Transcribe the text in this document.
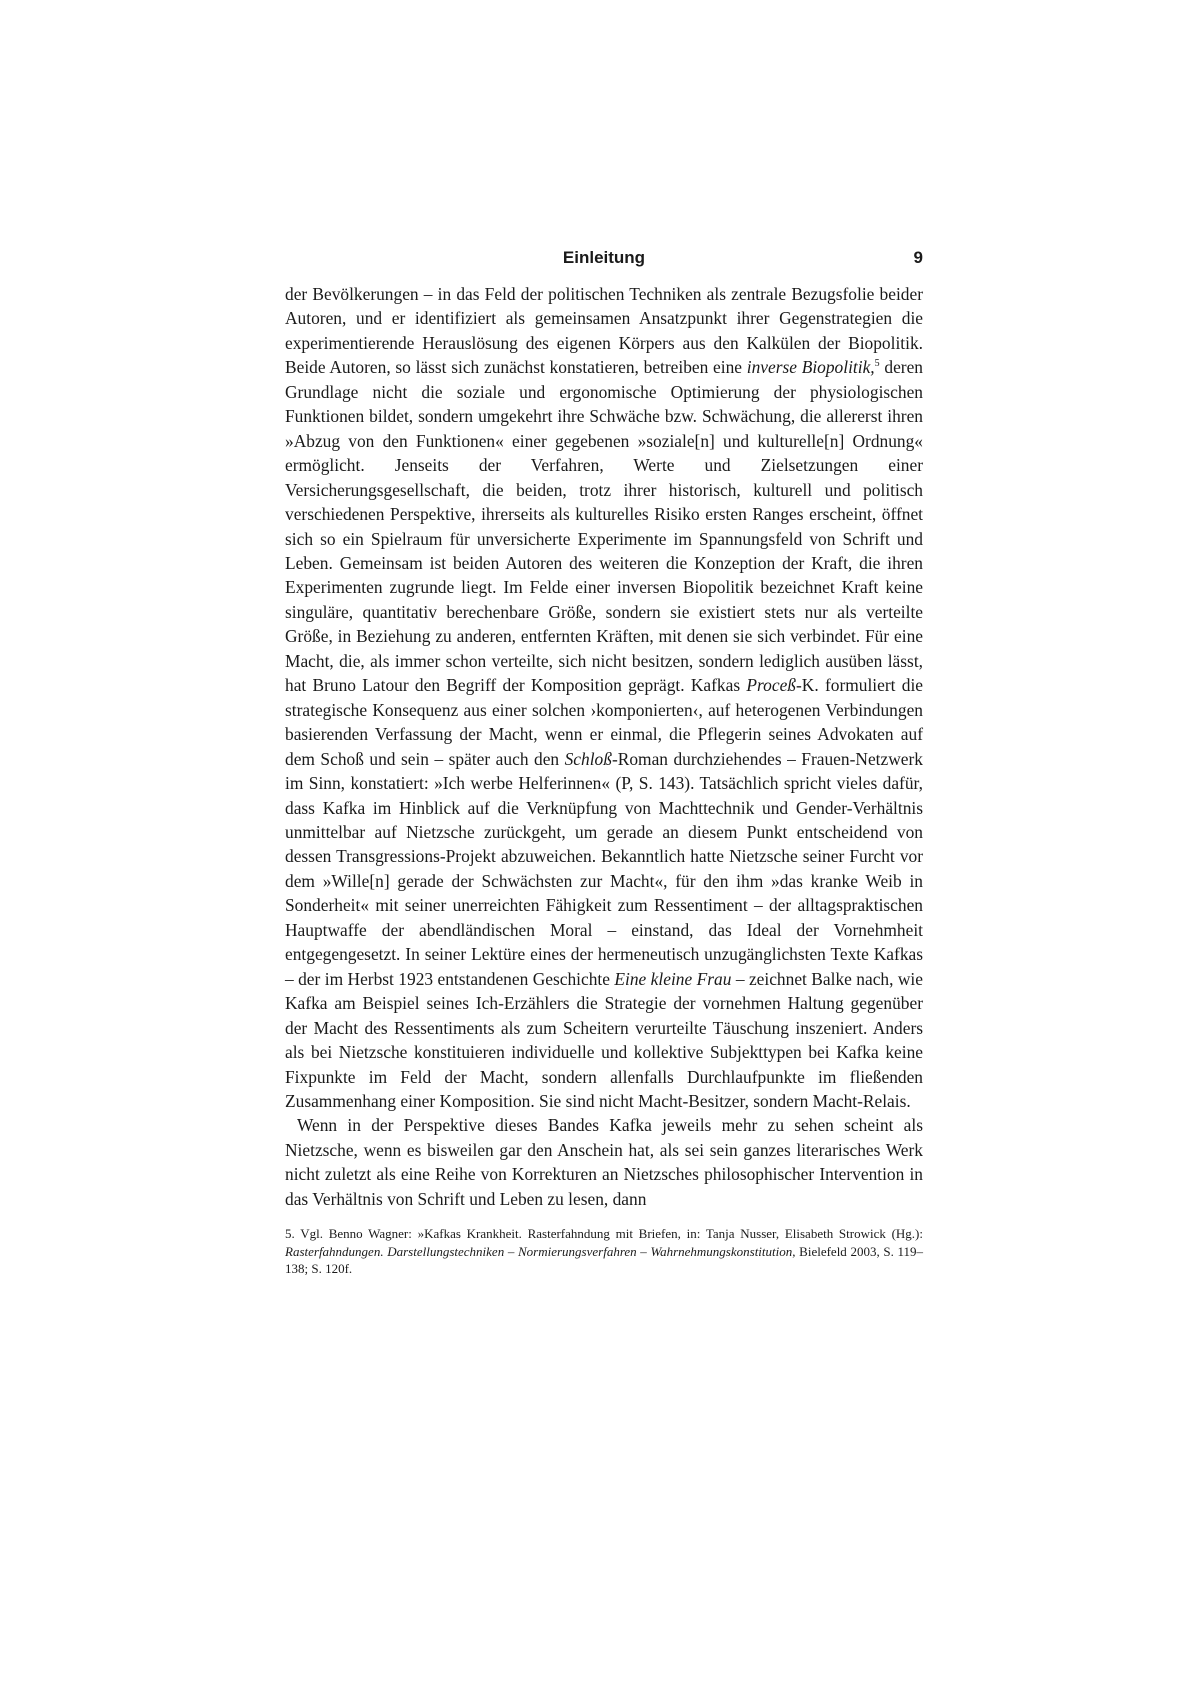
Einleitung	9

der Bevölkerungen – in das Feld der politischen Techniken als zentrale Bezugsfolie beider Autoren, und er identifiziert als gemeinsamen Ansatzpunkt ihrer Gegenstrategien die experimentierende Herauslösung des eigenen Körpers aus den Kalkülen der Biopolitik. Beide Autoren, so lässt sich zunächst konstatieren, betreiben eine inverse Biopolitik,$^5$ deren Grundlage nicht die soziale und ergonomische Optimierung der physiologischen Funktionen bildet, sondern umgekehrt ihre Schwäche bzw. Schwächung, die allererst ihren »Abzug von den Funktionen« einer gegebenen »soziale[n] und kulturelle[n] Ordnung« ermöglicht. Jenseits der Verfahren, Werte und Zielsetzungen einer Versicherungsgesellschaft, die beiden, trotz ihrer historisch, kulturell und politisch verschiedenen Perspektive, ihrerseits als kulturelles Risiko ersten Ranges erscheint, öffnet sich so ein Spielraum für unversicherte Experimente im Spannungsfeld von Schrift und Leben. Gemeinsam ist beiden Autoren des weiteren die Konzeption der Kraft, die ihren Experimenten zugrunde liegt. Im Felde einer inversen Biopolitik bezeichnet Kraft keine singuläre, quantitativ berechenbare Größe, sondern sie existiert stets nur als verteilte Größe, in Beziehung zu anderen, entfernten Kräften, mit denen sie sich verbindet. Für eine Macht, die, als immer schon verteilte, sich nicht besitzen, sondern lediglich ausüben lässt, hat Bruno Latour den Begriff der Komposition geprägt. Kafkas Proceß-K. formuliert die strategische Konsequenz aus einer solchen ›komponierten‹, auf heterogenen Verbindungen basierenden Verfassung der Macht, wenn er einmal, die Pflegerin seines Advokaten auf dem Schoß und sein – später auch den Schloß-Roman durchziehendes – Frauen-Netzwerk im Sinn, konstatiert: »Ich werbe Helferinnen« (P, S. 143). Tatsächlich spricht vieles dafür, dass Kafka im Hinblick auf die Verknüpfung von Machttechnik und Gender-Verhältnis unmittelbar auf Nietzsche zurückgeht, um gerade an diesem Punkt entscheidend von dessen Transgressions-Projekt abzuweichen. Bekanntlich hatte Nietzsche seiner Furcht vor dem »Wille[n] gerade der Schwächsten zur Macht«, für den ihm »das kranke Weib in Sonderheit« mit seiner unerreichten Fähigkeit zum Ressentiment – der alltagspraktischen Hauptwaffe der abendländischen Moral – einstand, das Ideal der Vornehmheit entgegengesetzt. In seiner Lektüre eines der hermeneutisch unzugänglichsten Texte Kafkas – der im Herbst 1923 entstandenen Geschichte Eine kleine Frau – zeichnet Balke nach, wie Kafka am Beispiel seines Ich-Erzählers die Strategie der vornehmen Haltung gegenüber der Macht des Ressentiments als zum Scheitern verurteilte Täuschung inszeniert. Anders als bei Nietzsche konstituieren individuelle und kollektive Subjekttypen bei Kafka keine Fixpunkte im Feld der Macht, sondern allenfalls Durchlaufpunkte im fließenden Zusammenhang einer Komposition. Sie sind nicht Macht-Besitzer, sondern Macht-Relais.

Wenn in der Perspektive dieses Bandes Kafka jeweils mehr zu sehen scheint als Nietzsche, wenn es bisweilen gar den Anschein hat, als sei sein ganzes literarisches Werk nicht zuletzt als eine Reihe von Korrekturen an Nietzsches philosophischer Intervention in das Verhältnis von Schrift und Leben zu lesen, dann

5. Vgl. Benno Wagner: »Kafkas Krankheit. Rasterfahndung mit Briefen, in: Tanja Nusser, Elisabeth Strowick (Hg.): Rasterfahndungen. Darstellungstechniken – Normierungsverfahren – Wahrnehmungskonstitution, Bielefeld 2003, S. 119–138; S. 120f.
